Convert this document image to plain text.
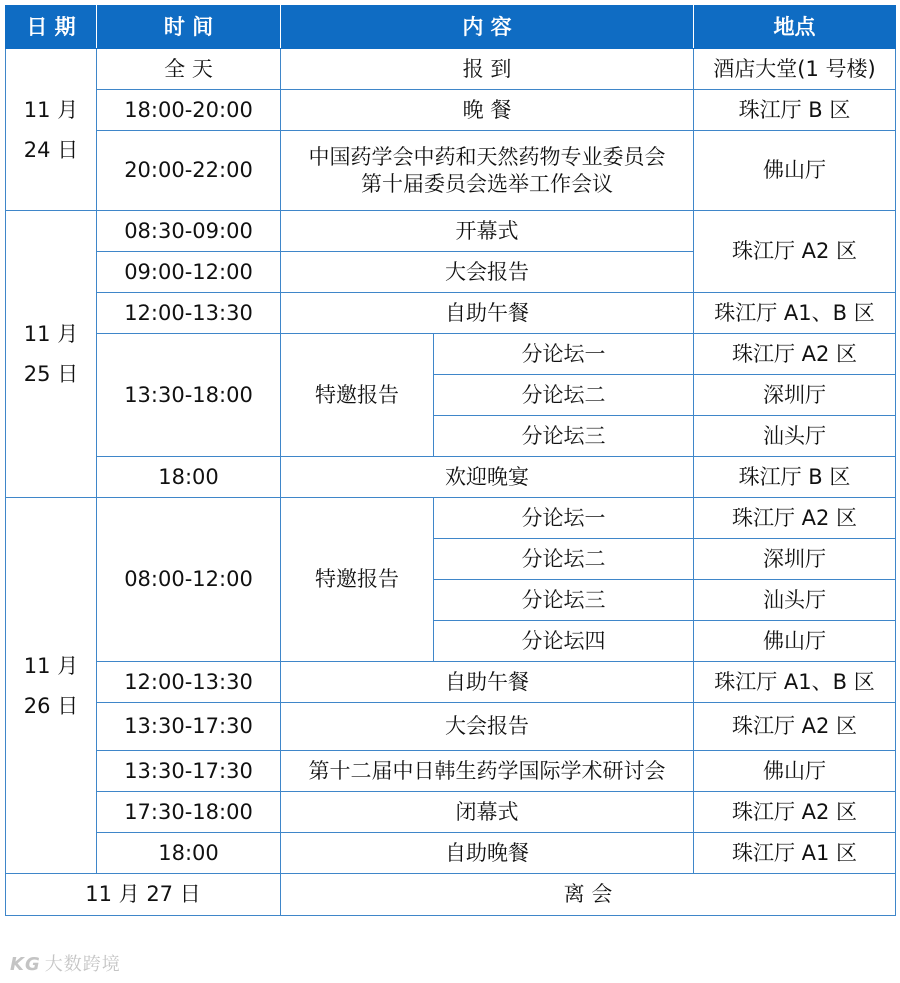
日 期	时 间	内 容		地点

11 月
24 日	全 天	报 到		酒店大堂(1 号楼)
	18:00-20:00	晚 餐		珠江厅 B 区
	20:00-22:00	中国药学会中药和天然药物专业委员会
第十届委员会选举工作会议		佛山厅

11 月
25 日	08:30-09:00	开幕式		珠江厅 A2 区
	09:00-12:00	大会报告		
	12:00-13:30	自助午餐		珠江厅 A1、B 区
	13:30-18:00	特邀报告	分论坛一	珠江厅 A2 区
			分论坛二	深圳厅
			分论坛三	汕头厅
	18:00	欢迎晚宴		珠江厅 B 区

11 月
26 日	08:00-12:00	特邀报告	分论坛一	珠江厅 A2 区
			分论坛二	深圳厅
			分论坛三	汕头厅
			分论坛四	佛山厅
	12:00-13:30	自助午餐		珠江厅 A1、B 区
	13:30-17:30	大会报告		珠江厅 A2 区
	13:30-17:30	第十二届中日韩生药学国际学术研讨会		佛山厅
	17:30-18:00	闭幕式		珠江厅 A2 区
	18:00	自助晚餐		珠江厅 A1 区
11 月 27 日		离 会		
KG 大数跨境
